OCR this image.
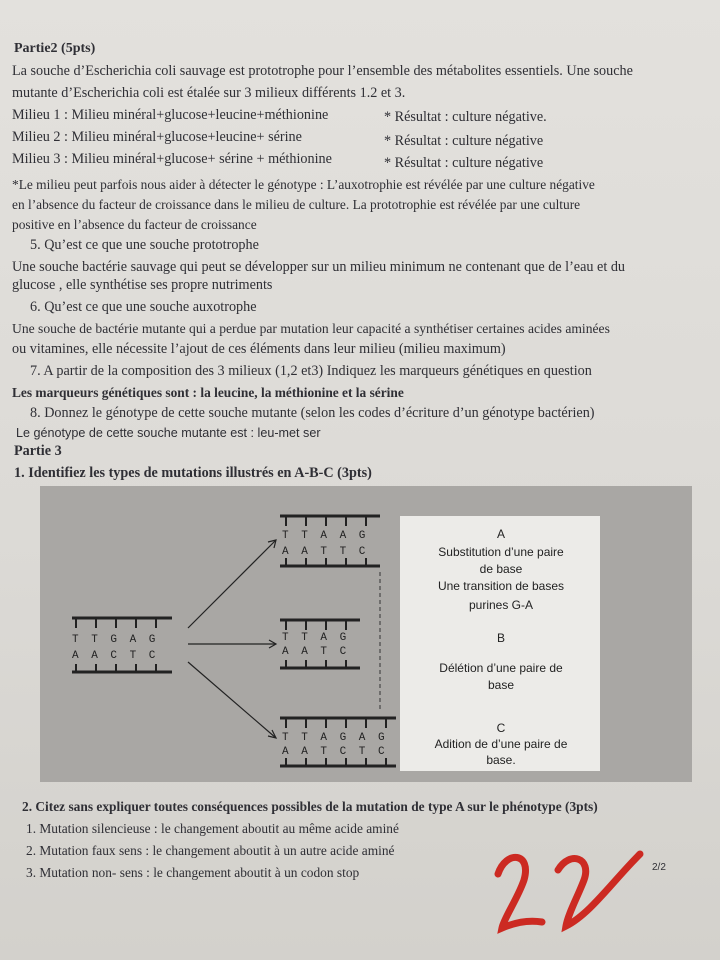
Partie2 (5pts)
La souche d’Escherichia coli sauvage est prototrophe pour l’ensemble des métabolites essentiels. Une souche
mutante d’Escherichia coli est étalée sur 3 milieux différents 1.2 et 3.
Milieu 1 : Milieu minéral+glucose+leucine+méthionine	* Résultat : culture négative.
Milieu 2 : Milieu minéral+glucose+leucine+ sérine	* Résultat : culture négative
Milieu 3 : Milieu minéral+glucose+ sérine + méthionine	* Résultat : culture négative
*Le milieu peut parfois nous aider à détecter le génotype : L’auxotrophie est révélée par une culture négative
en l’absence du facteur de croissance dans le milieu de culture. La prototrophie est révélée par une culture
positive en l’absence du facteur de croissance
5. Qu’est ce que une souche prototrophe
Une souche bactérie sauvage qui peut se développer sur un milieu minimum ne contenant que de l’eau et du
glucose , elle synthétise ses propre nutriments
6. Qu’est ce que une souche auxotrophe
Une souche de bactérie mutante qui a perdue par mutation leur capacité a synthétiser certaines acides aminées
ou vitamines, elle nécessite l’ajout de ces éléments dans leur milieu (milieu maximum)
7. A partir de la composition des 3 milieux (1,2 et3) Indiquez les marqueurs génétiques en question
Les marqueurs génétiques sont : la leucine, la méthionine et la sérine
8. Donnez le génotype de cette souche mutante (selon les codes d’écriture d’un génotype bactérien)
Le génotype de cette souche mutante est : leu-met ser
Partie 3
1. Identifiez les types de mutations illustrés en A-B-C (3pts)
T T G A G
A A C T C
T T A A G
A A T T C
T T A G
A A T C
T T A G A G
A A T C T C
A
Substitution d’une paire
de base
Une transition de bases
purines G-A
B
Délétion d’une paire de
base
C
Adition de d’une paire de
base.
2. Citez sans expliquer toutes conséquences possibles de la mutation de type A sur le phénotype (3pts)
1. Mutation silencieuse : le changement aboutit au même acide aminé
2. Mutation faux sens : le changement aboutit à un autre acide aminé
3. Mutation non- sens : le changement aboutit à un codon stop	2/2
